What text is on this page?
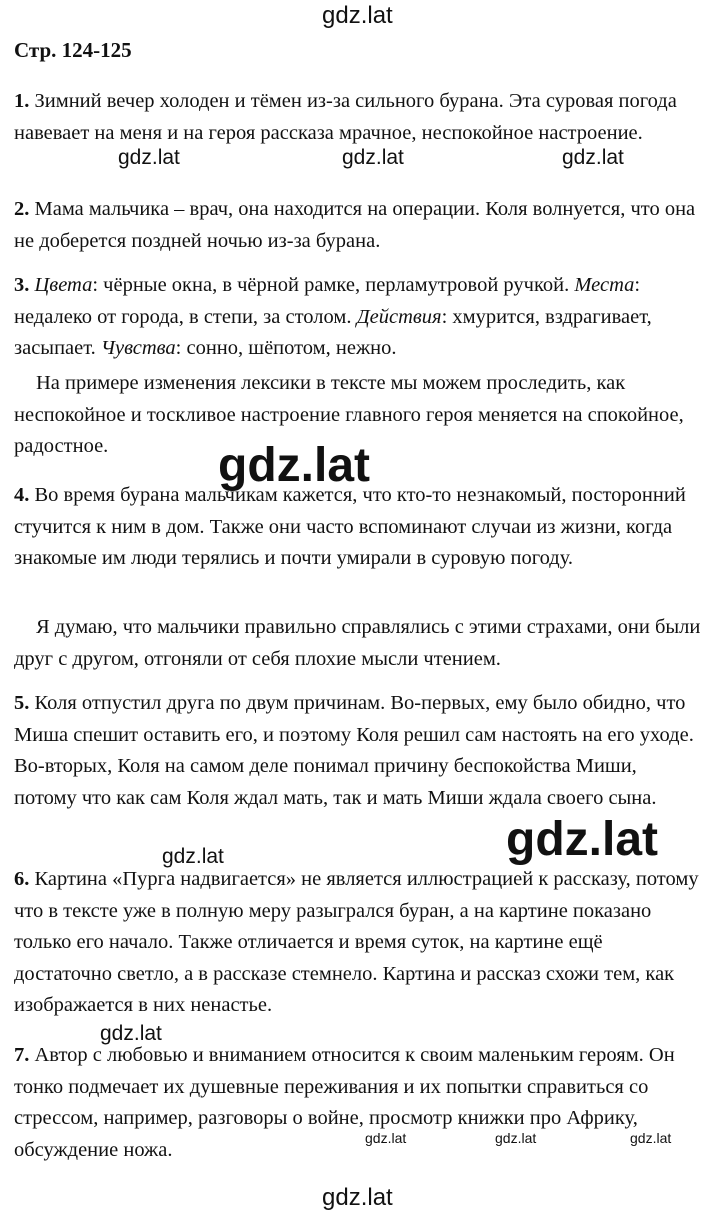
Стр. 124-125

1. Зимний вечер холоден и тёмен из-за сильного бурана. Эта суровая погода навевает на меня и на героя рассказа мрачное, неспокойное настроение.

2. Мама мальчика – врач, она находится на операции. Коля волнуется, что она не доберется поздней ночью из-за бурана.

3. Цвета: чёрные окна, в чёрной рамке, перламутровой ручкой. Места: недалеко от города, в степи, за столом. Действия: хмурится, вздрагивает, засыпает. Чувства: сонно, шёпотом, нежно.

На примере изменения лексики в тексте мы можем проследить, как неспокойное и тоскливое настроение главного героя меняется на спокойное, радостное.

4. Во время бурана мальчикам кажется, что кто-то незнакомый, посторонний стучится к ним в дом. Также они часто вспоминают случаи из жизни, когда знакомые им люди терялись и почти умирали в суровую погоду.

Я думаю, что мальчики правильно справлялись с этими страхами, они были друг с другом, отгоняли от себя плохие мысли чтением.

5. Коля отпустил друга по двум причинам. Во-первых, ему было обидно, что Миша спешит оставить его, и поэтому Коля решил сам настоять на его уходе. Во-вторых, Коля на самом деле понимал причину беспокойства Миши, потому что как сам Коля ждал мать, так и мать Миши ждала своего сына.

6. Картина «Пурга надвигается» не является иллюстрацией к рассказу, потому что в тексте уже в полную меру разыгрался буран, а на картине показано только его начало. Также отличается и время суток, на картине ещё достаточно светло, а в рассказе стемнело. Картина и рассказ схожи тем, как изображается в них ненастье.

7. Автор с любовью и вниманием относится к своим маленьким героям. Он тонко подмечает их душевные переживания и их попытки справиться со стрессом, например, разговоры о войне, просмотр книжки про Африку, обсуждение ножа.

gdz.lat
gdz.lat	gdz.lat	gdz.lat
gdz.lat
gdz.lat
gdz.lat
gdz.lat
gdz.lat	gdz.lat	gdz.lat
gdz.lat
